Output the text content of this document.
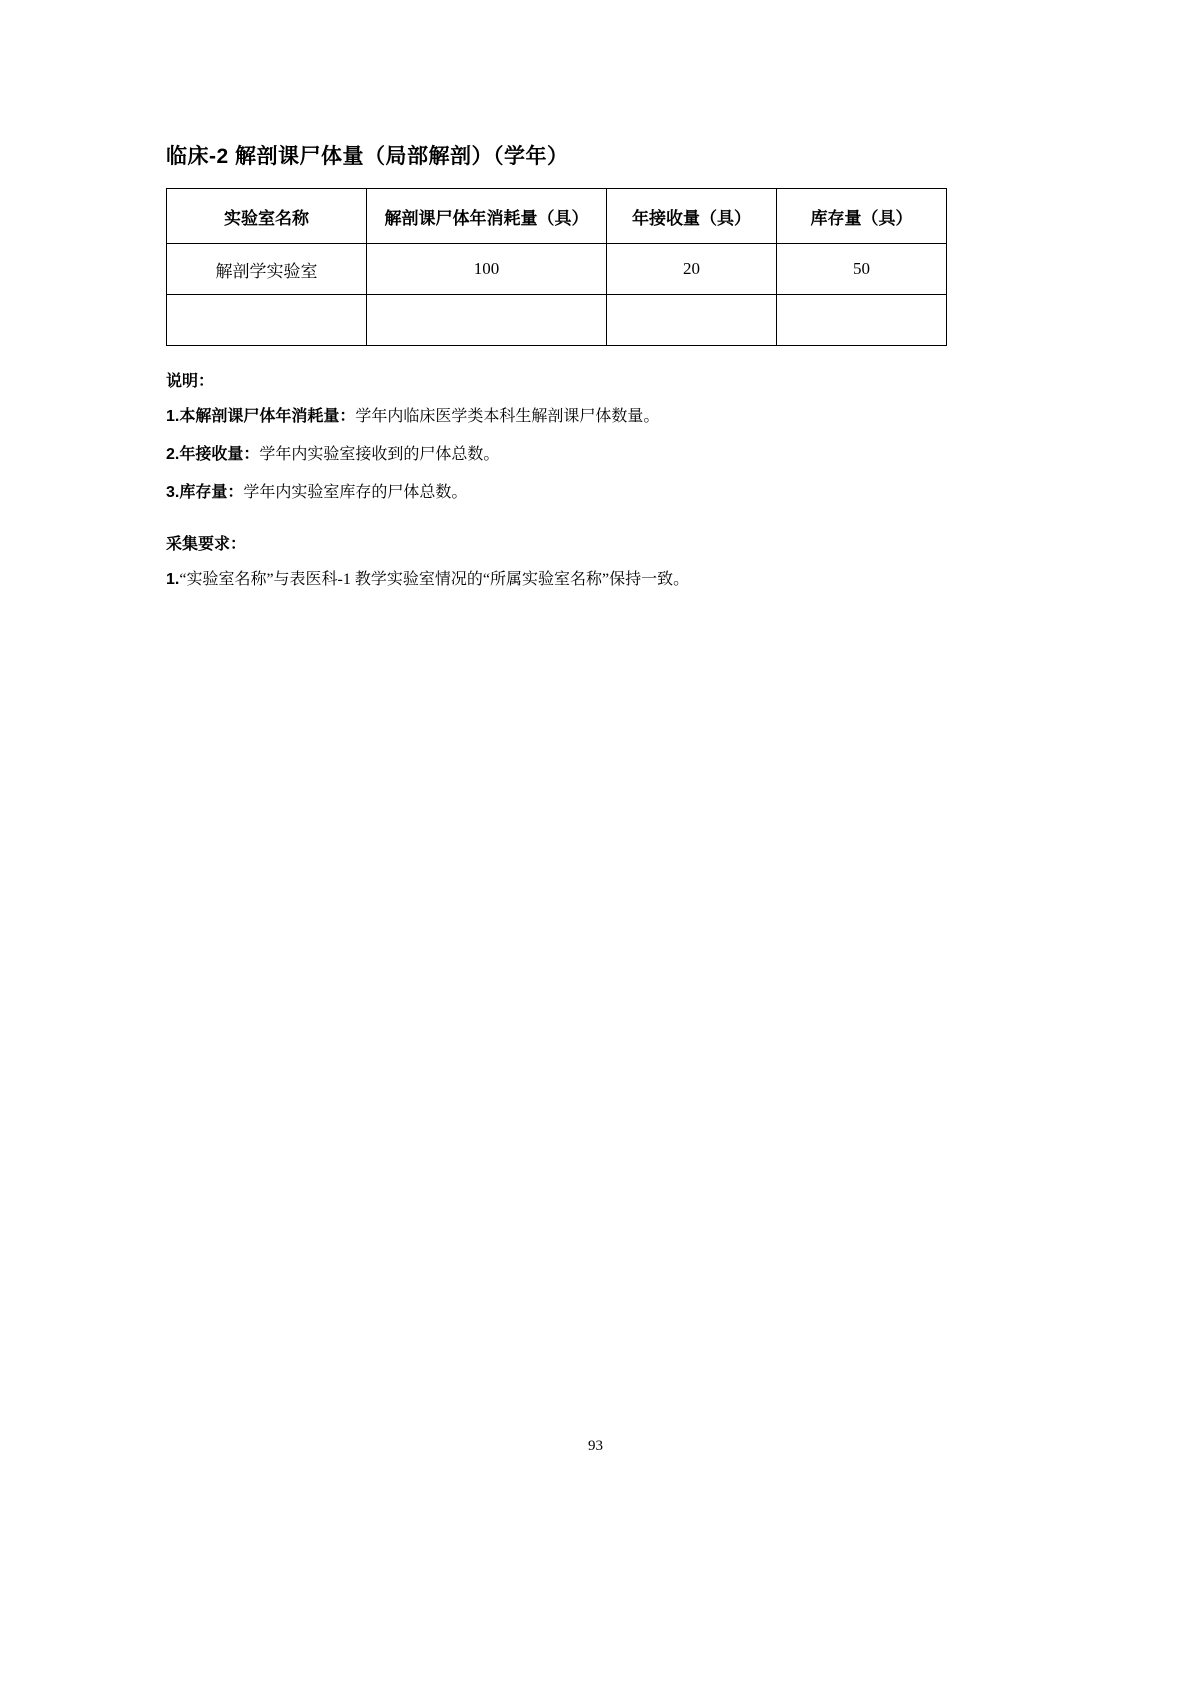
临床-2 解剖课尸体量（局部解剖）（学年）
实验室名称	解剖课尸体年消耗量（具）	年接收量（具）	库存量（具）
解剖学实验室	100	20	50

说明：

1.本解剖课尸体年消耗量：学年内临床医学类本科生解剖课尸体数量。

2.年接收量：学年内实验室接收到的尸体总数。

3.库存量：学年内实验室库存的尸体总数。

采集要求：

1.“实验室名称”与表医科-1 教学实验室情况的“所属实验室名称”保持一致。

93
